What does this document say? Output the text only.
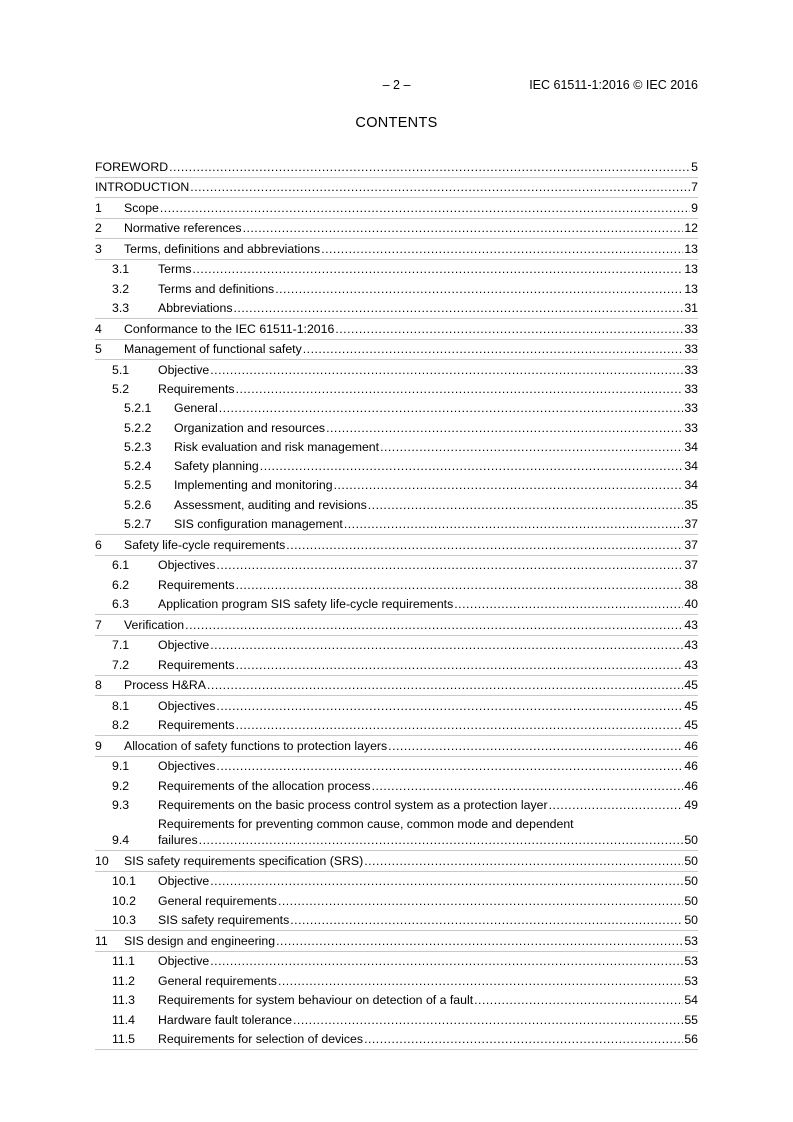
– 2 –	IEC 61511-1:2016 © IEC 2016
CONTENTS
FOREWORD .....	5
INTRODUCTION .....	7
1	Scope .....	9
2	Normative references .....	12
3	Terms, definitions and abbreviations .....	13
3.1	Terms .....	13
3.2	Terms and definitions .....	13
3.3	Abbreviations .....	31
4	Conformance to the IEC 61511-1:2016 .....	33
5	Management of functional safety .....	33
5.1	Objective .....	33
5.2	Requirements .....	33
5.2.1	General .....	33
5.2.2	Organization and resources .....	33
5.2.3	Risk evaluation and risk management .....	34
5.2.4	Safety planning .....	34
5.2.5	Implementing and monitoring .....	34
5.2.6	Assessment, auditing and revisions .....	35
5.2.7	SIS configuration management .....	37
6	Safety life-cycle requirements .....	37
6.1	Objectives .....	37
6.2	Requirements .....	38
6.3	Application program SIS safety life-cycle requirements .....	40
7	Verification .....	43
7.1	Objective .....	43
7.2	Requirements .....	43
8	Process H&RA .....	45
8.1	Objectives .....	45
8.2	Requirements .....	45
9	Allocation of safety functions to protection layers .....	46
9.1	Objectives .....	46
9.2	Requirements of the allocation process .....	46
9.3	Requirements on the basic process control system as a protection layer .....	49
Requirements for preventing common cause, common mode and dependent
9.4	failures .....	50
10	SIS safety requirements specification (SRS) .....	50
10.1	Objective .....	50
10.2	General requirements .....	50
10.3	SIS safety requirements .....	50
11	SIS design and engineering .....	53
11.1	Objective .....	53
11.2	General requirements .....	53
11.3	Requirements for system behaviour on detection of a fault .....	54
11.4	Hardware fault tolerance .....	55
11.5	Requirements for selection of devices .....	56
